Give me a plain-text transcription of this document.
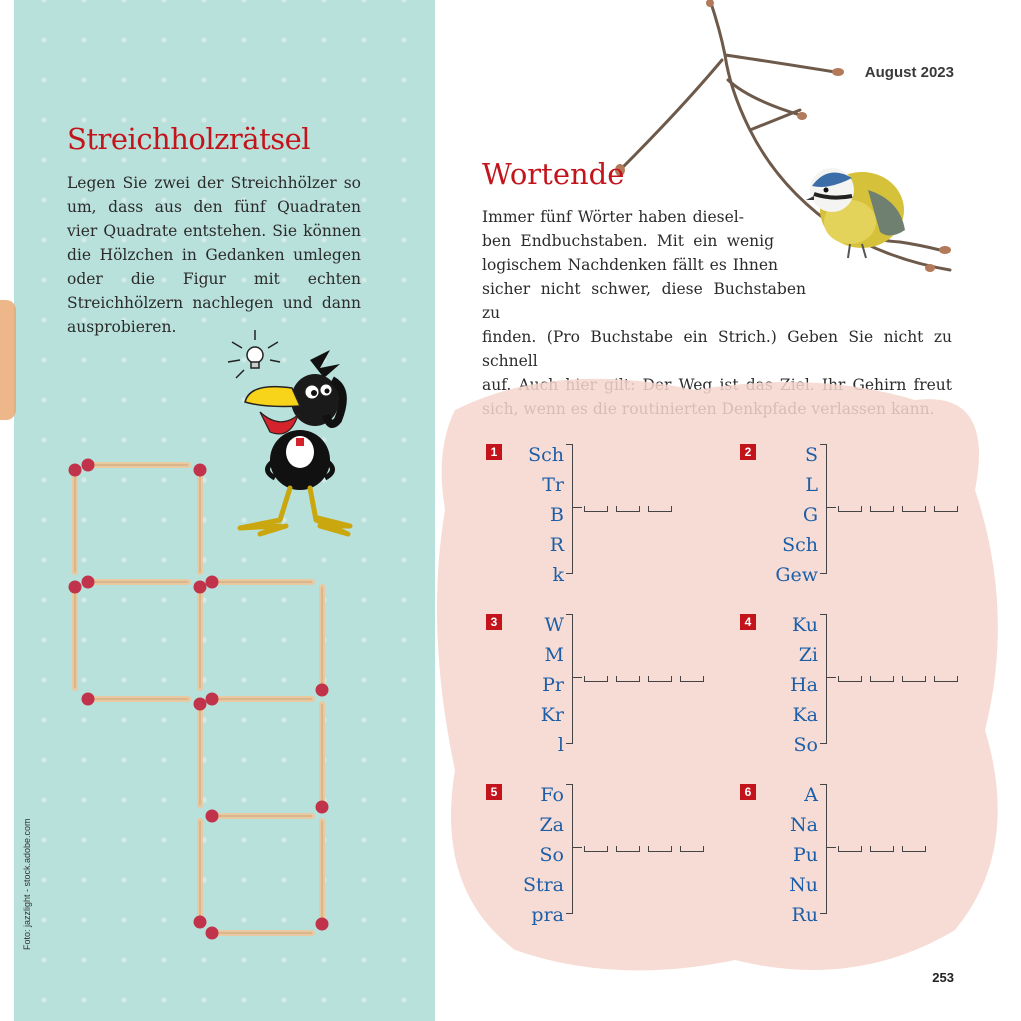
Streichholzrätsel
Legen Sie zwei der Streichhölzer so um, dass aus den fünf Quadraten vier Quadrate entstehen. Sie können die Hölzchen in Gedanken umlegen oder die Figur mit echten Streichhölzern nachlegen und dann ausprobieren.
Foto: jazzlight - stock.adobe.com
August 2023
Wortende
Immer fünf Wörter haben diesel-
ben Endbuchstaben. Mit ein wenig
logischem Nachdenken fällt es Ihnen
sicher nicht schwer, diese Buchstaben zu
finden. (Pro Buchstabe ein Strich.) Geben Sie nicht zu schnell
auf. Auch hier gilt: Der Weg ist das Ziel. Ihr Gehirn freut
1	Sch
Tr
B
R
k
2	S
L
G
Sch
Gew
3	W
M
Pr
Kr
l
4	Ku
Zi
Ha
Ka
So
5	Fo
Za
So
Stra
pra
6	A
Na
Pu
Nu
Ru
253
